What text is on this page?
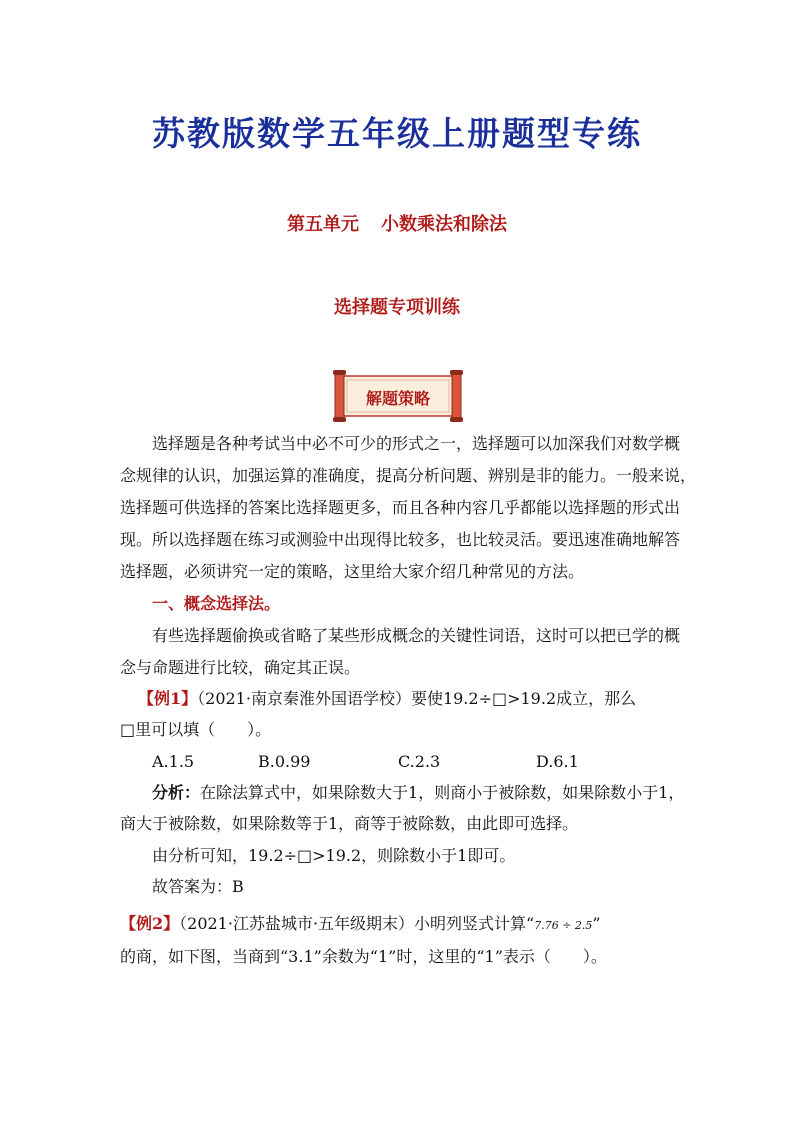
苏教版数学五年级上册题型专练
第五单元 小数乘法和除法
选择题专项训练
解题策略
选择题是各种考试当中必不可少的形式之一，选择题可以加深我们对数学概
念规律的认识，加强运算的准确度，提高分析问题、辨别是非的能力。一般来说，
选择题可供选择的答案比选择题更多，而且各种内容几乎都能以选择题的形式出
现。所以选择题在练习或测验中出现得比较多，也比较灵活。要迅速准确地解答
选择题，必须讲究一定的策略，这里给大家介绍几种常见的方法。
一、概念选择法。
有些选择题偷换或省略了某些形成概念的关键性词语，这时可以把已学的概
念与命题进行比较，确定其正误。
【例1】（2021·南京秦淮外国语学校）要使19.2÷□>19.2成立，那么
□里可以填（　　）。
A.1.5	B.0.99	C.2.3	D.6.1
分析：在除法算式中，如果除数大于1，则商小于被除数，如果除数小于1，
商大于被除数，如果除数等于1，商等于被除数，由此即可选择。
由分析可知，19.2÷□>19.2，则除数小于1即可。
故答案为：B
【例2】（2021·江苏盐城市·五年级期末）小明列竖式计算“7.76 ÷ 2.5”
的商，如下图，当商到“3.1”余数为“1”时，这里的“1”表示（　　）。
